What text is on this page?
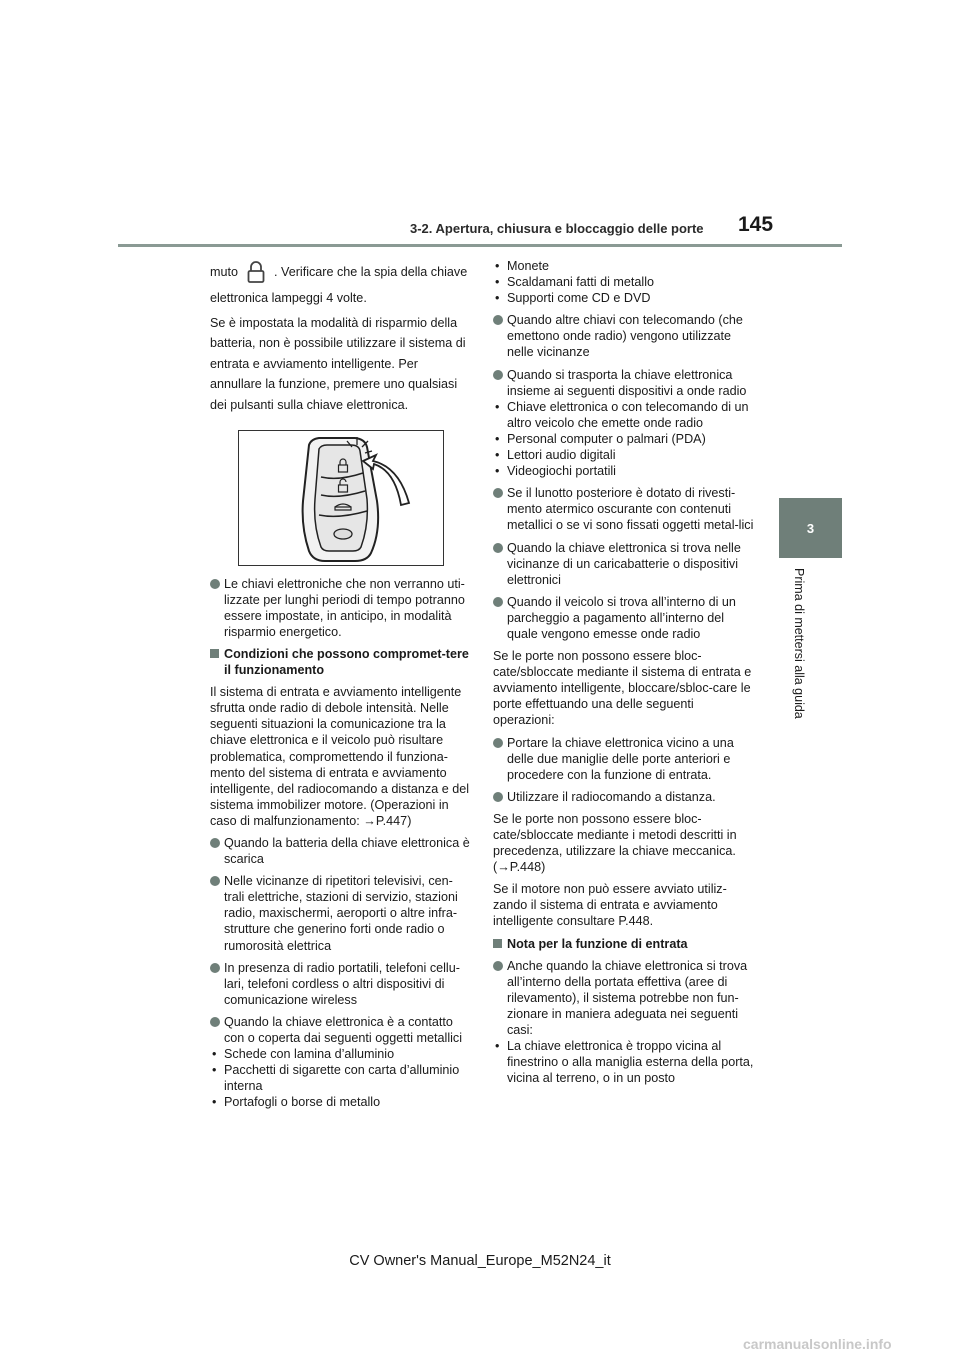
3-2. Apertura, chiusura e bloccaggio delle porte 145
3
Prima di mettersi alla guida
muto	. Verificare che la spia della chiave

elettronica lampeggi 4 volte.

Se è impostata la modalità di risparmio della batteria, non è possibile utilizzare il sistema di entrata e avviamento intelligente. Per annullare la funzione, premere uno qualsiasi dei pulsanti sulla chiave elettronica.

Le chiavi elettroniche che non verranno uti-lizzate per lunghi periodi di tempo potranno essere impostate, in anticipo, in modalità risparmio energetico.
Condizioni che possono compromet-tere il funzionamento

Il sistema di entrata e avviamento intelligente sfrutta onde radio di debole intensità. Nelle seguenti situazioni la comunicazione tra la chiave elettronica e il veicolo può risultare problematica, compromettendo il funziona-mento del sistema di entrata e avviamento intelligente, del radiocomando a distanza e del sistema immobilizer motore. (Operazioni in caso di malfunzionamento: →P.447)

Quando la batteria della chiave elettronica è scarica
Nelle vicinanze di ripetitori televisivi, cen-trali elettriche, stazioni di servizio, stazioni radio, maxischermi, aeroporti o altre infra-strutture che generino forti onde radio o rumorosità elettrica
In presenza di radio portatili, telefoni cellu-lari, telefoni cordless o altri dispositivi di comunicazione wireless
Quando la chiave elettronica è a contatto con o coperta dai seguenti oggetti metallici
• Schede con lamina d’alluminio
• Pacchetti di sigarette con carta d’alluminio interna
• Portafogli o borse di metallo
• Monete
• Scaldamani fatti di metallo
• Supporti come CD e DVD
Quando altre chiavi con telecomando (che emettono onde radio) vengono utilizzate nelle vicinanze
Quando si trasporta la chiave elettronica insieme ai seguenti dispositivi a onde radio
• Chiave elettronica o con telecomando di un altro veicolo che emette onde radio
• Personal computer o palmari (PDA)
• Lettori audio digitali
• Videogiochi portatili
Se il lunotto posteriore è dotato di rivesti-mento atermico oscurante con contenuti metallici o se vi sono fissati oggetti metal-lici
Quando la chiave elettronica si trova nelle vicinanze di un caricabatterie o dispositivi elettronici
Quando il veicolo si trova all’interno di un parcheggio a pagamento all’interno del quale vengono emesse onde radio

Se le porte non possono essere bloc-cate/sbloccate mediante il sistema di entrata e avviamento intelligente, bloccare/sbloc-care le porte effettuando una delle seguenti operazioni:

Portare la chiave elettronica vicino a una delle due maniglie delle porte anteriori e procedere con la funzione di entrata.
Utilizzare il radiocomando a distanza.

Se le porte non possono essere bloc-cate/sbloccate mediante i metodi descritti in precedenza, utilizzare la chiave meccanica. (→P.448)

Se il motore non può essere avviato utiliz-zando il sistema di entrata e avviamento intelligente consultare P.448.

Nota per la funzione di entrata
Anche quando la chiave elettronica si trova all’interno della portata effettiva (aree di rilevamento), il sistema potrebbe non fun-zionare in maniera adeguata nei seguenti casi:
• La chiave elettronica è troppo vicina al finestrino o alla maniglia esterna della porta, vicina al terreno, o in un posto
CV Owner's Manual_Europe_M52N24_it
carmanualsonline.info
